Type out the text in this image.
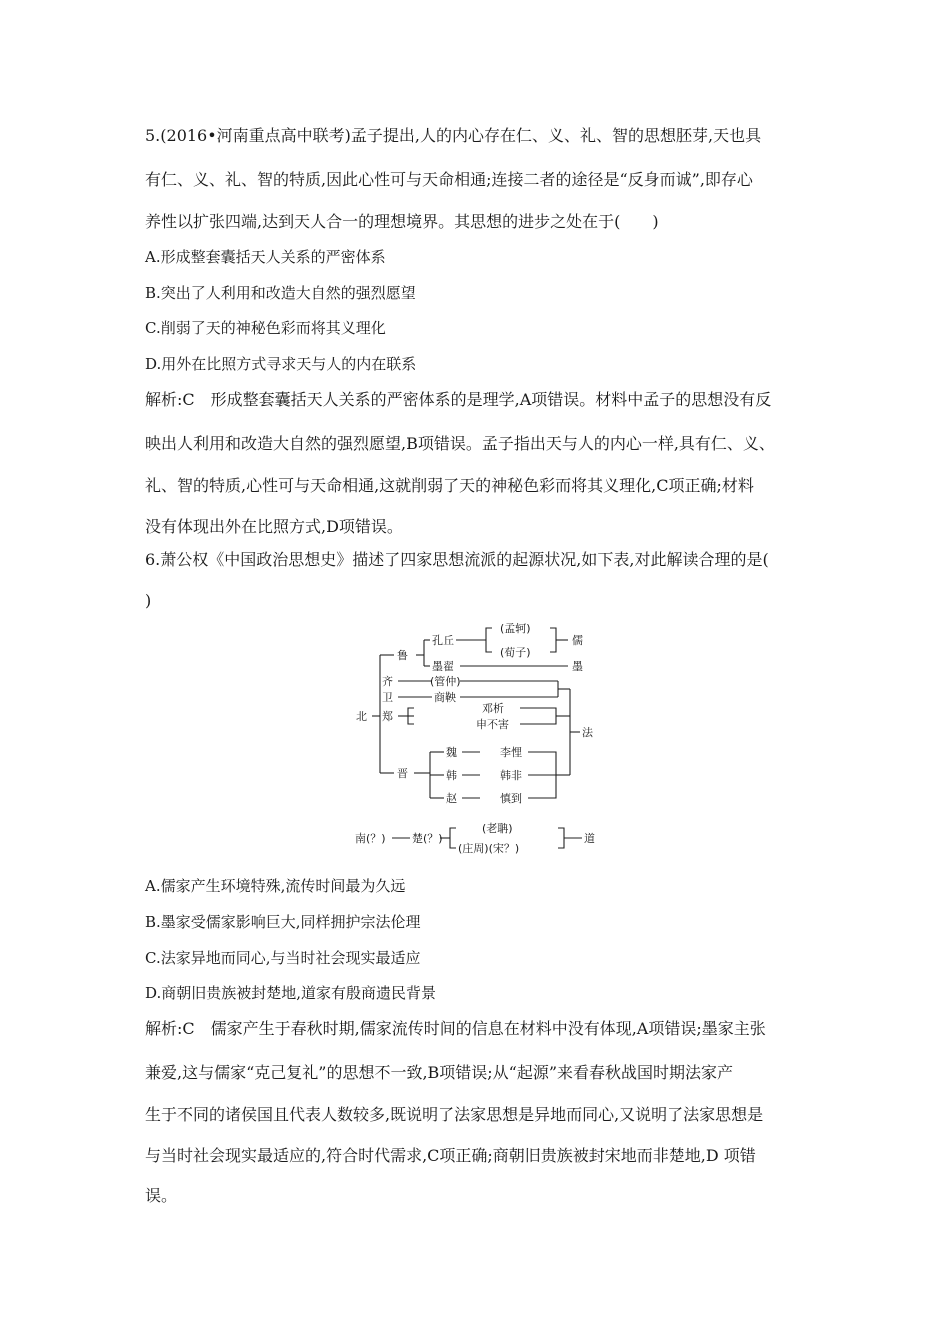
5.(2016•河南重点高中联考)孟子提出,人的内心存在仁、义、礼、智的思想胚芽,天也具
有仁、义、礼、智的特质,因此心性可与天命相通;连接二者的途径是“反身而诚”,即存心
养性以扩张四端,达到天人合一的理想境界。其思想的进步之处在于(　　)
A.形成整套囊括天人关系的严密体系
B.突出了人利用和改造大自然的强烈愿望
C.削弱了天的神秘色彩而将其义理化
D.用外在比照方式寻求天与人的内在联系
解析:C　形成整套囊括天人关系的严密体系的是理学,A项错误。材料中孟子的思想没有反
映出人利用和改造大自然的强烈愿望,B项错误。孟子指出天与人的内心一样,具有仁、义、
礼、智的特质,心性可与天命相通,这就削弱了天的神秘色彩而将其义理化,C项正确;材料
没有体现出外在比照方式,D项错误。
6.萧公权《中国政治思想史》描述了四家思想流派的起源状况,如下表,对此解读合理的是(
)
北
鲁
孔丘
(孟轲)
(荀子)
儒
墨翟	墨
齐	(管仲)
卫	商鞅
郑
邓析
申不害
法
晋
魏	李悝
韩	韩非
赵	慎到
南(？) 楚(？)
(老聃)
(庄周)(宋？)
道
A.儒家产生环境特殊,流传时间最为久远
B.墨家受儒家影响巨大,同样拥护宗法伦理
C.法家异地而同心,与当时社会现实最适应
D.商朝旧贵族被封楚地,道家有殷商遗民背景
解析:C　儒家产生于春秋时期,儒家流传时间的信息在材料中没有体现,A项错误;墨家主张
兼爱,这与儒家“克己复礼”的思想不一致,B项错误;从“起源”来看春秋战国时期法家产
生于不同的诸侯国且代表人数较多,既说明了法家思想是异地而同心,又说明了法家思想是
与当时社会现实最适应的,符合时代需求,C项正确;商朝旧贵族被封宋地而非楚地,D 项错
误。
